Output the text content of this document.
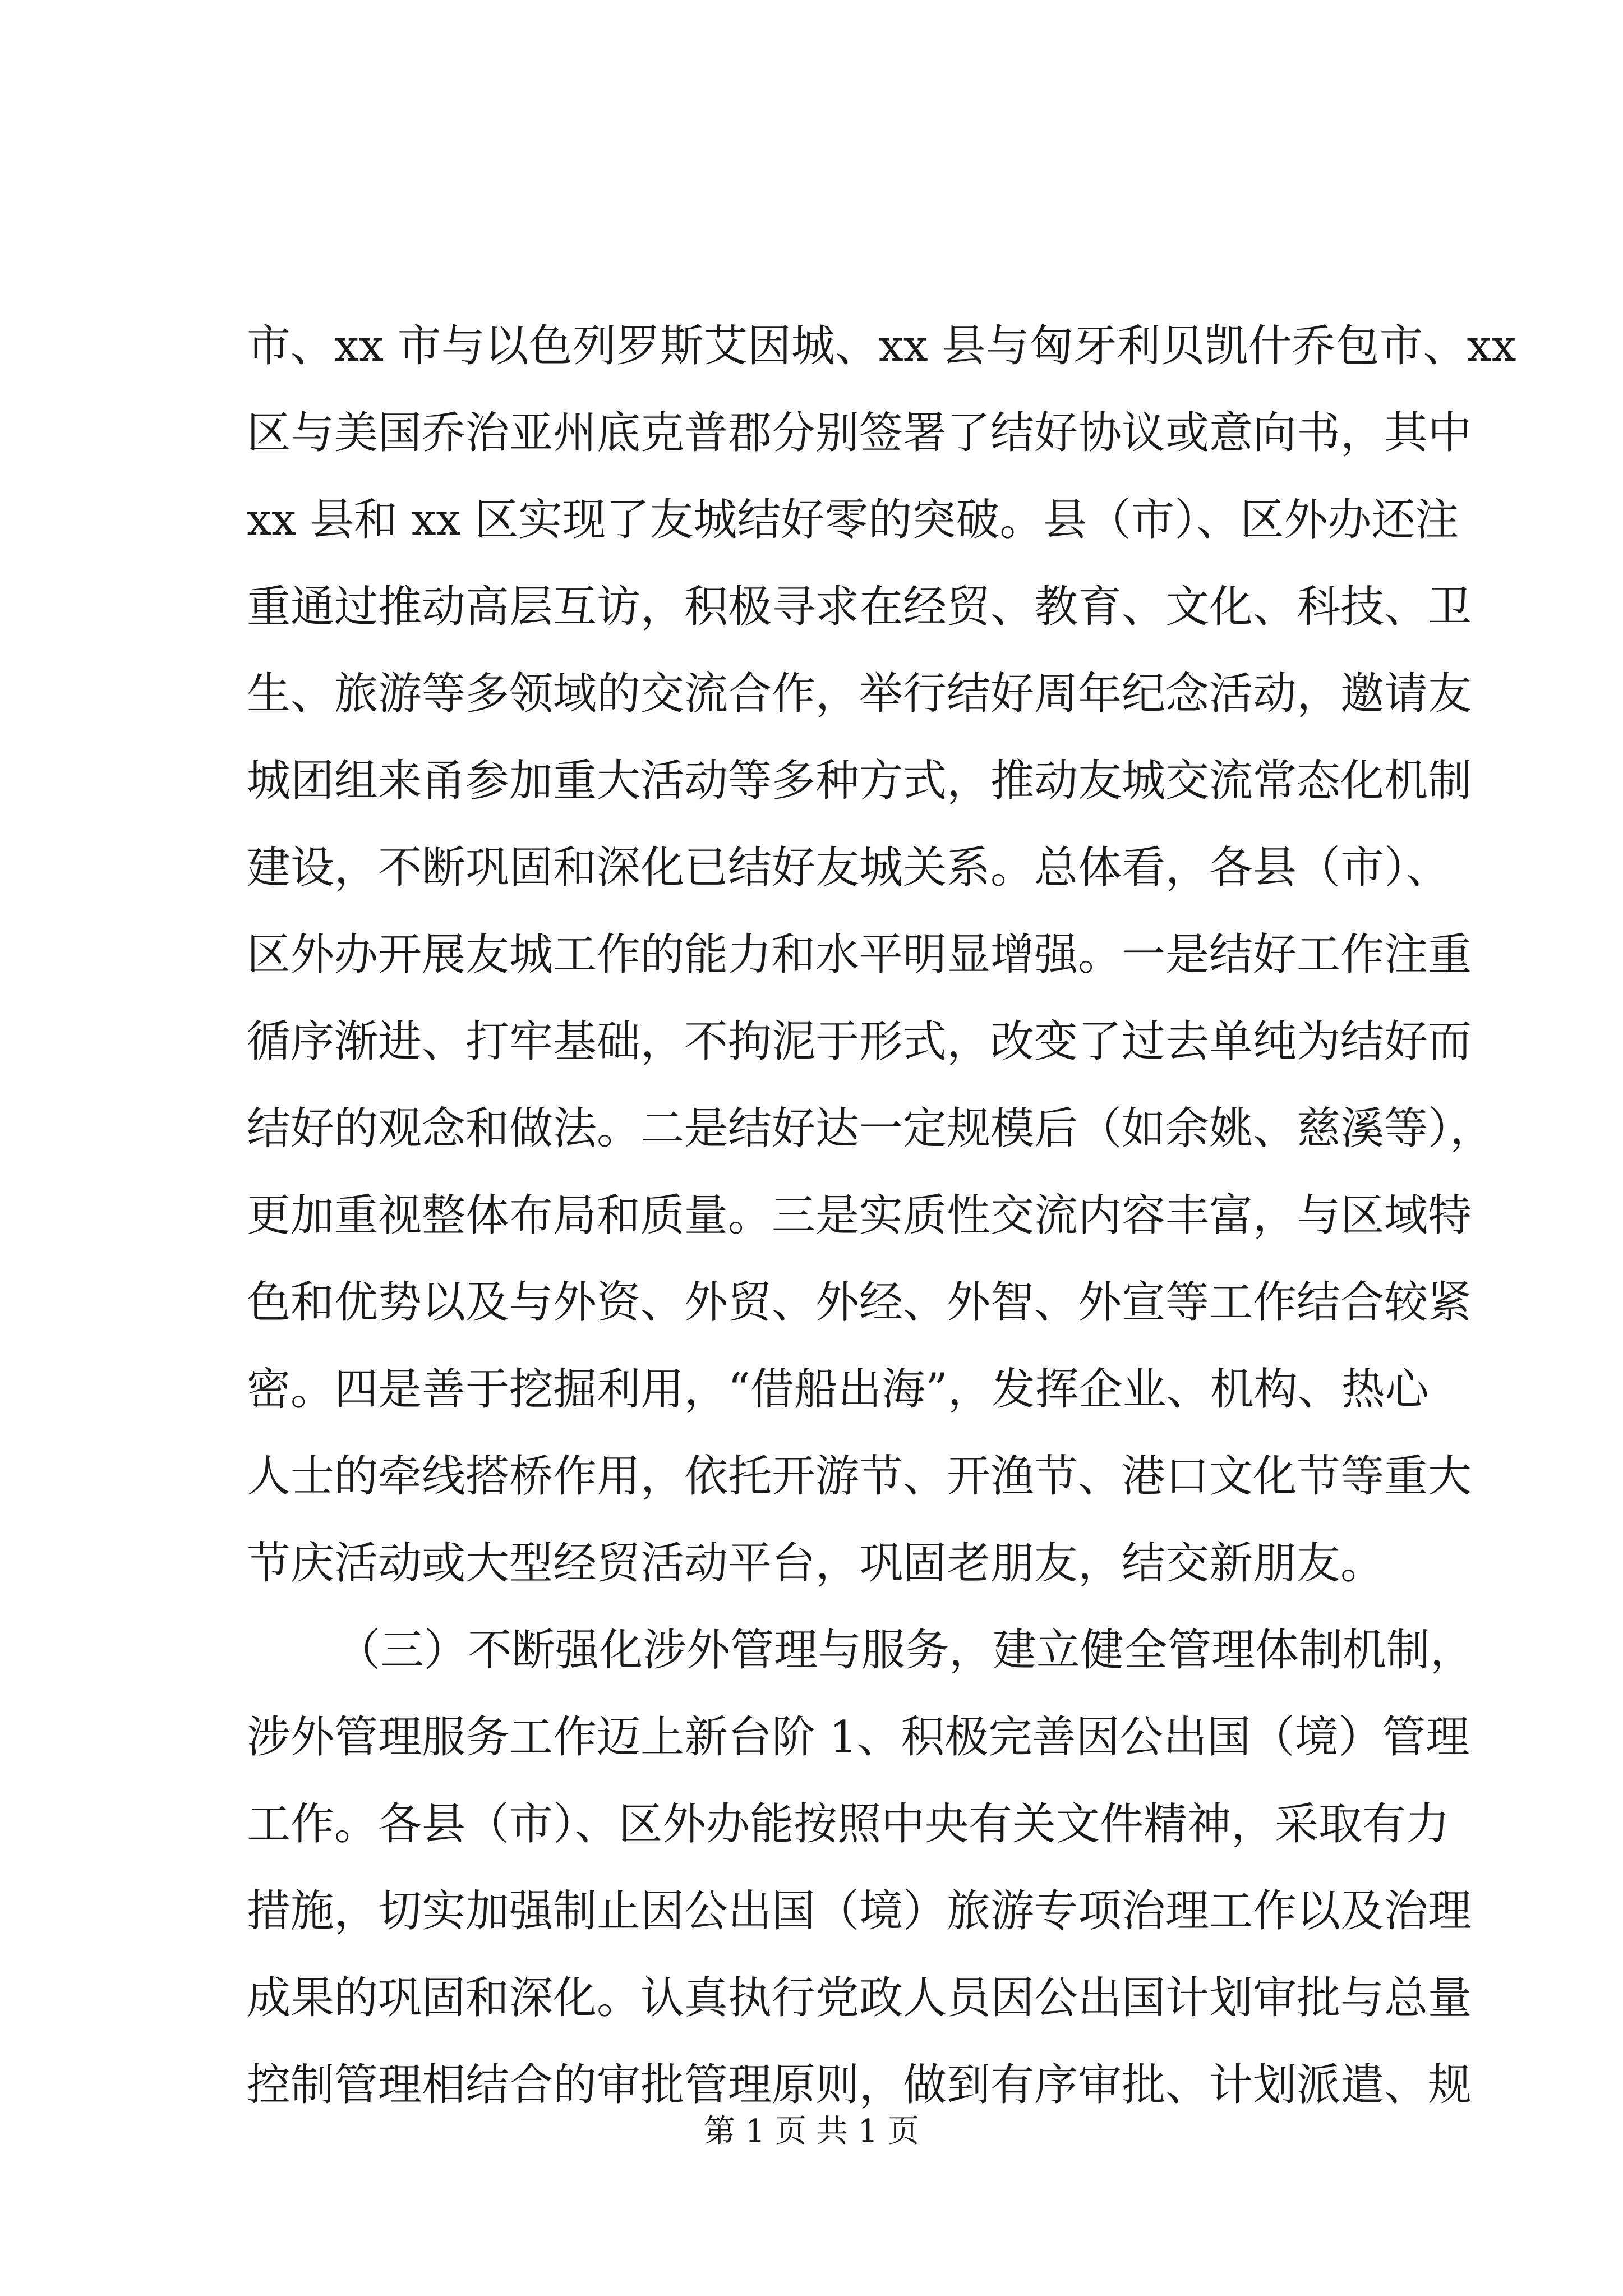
市、xx 市与以色列罗斯艾因城、xx 县与匈牙利贝凯什乔包市、xx
区与美国乔治亚州底克普郡分别签署了结好协议或意向书，其中
xx 县和 xx 区实现了友城结好零的突破。县（市）、区外办还注
重通过推动高层互访，积极寻求在经贸、教育、文化、科技、卫
生、旅游等多领域的交流合作，举行结好周年纪念活动，邀请友
城团组来甬参加重大活动等多种方式，推动友城交流常态化机制
建设，不断巩固和深化已结好友城关系。总体看，各县（市）、
区外办开展友城工作的能力和水平明显增强。一是结好工作注重
循序渐进、打牢基础，不拘泥于形式，改变了过去单纯为结好而
结好的观念和做法。二是结好达一定规模后（如余姚、慈溪等），
更加重视整体布局和质量。三是实质性交流内容丰富，与区域特
色和优势以及与外资、外贸、外经、外智、外宣等工作结合较紧
密。四是善于挖掘利用，“借船出海”，发挥企业、机构、热心
人士的牵线搭桥作用，依托开游节、开渔节、港口文化节等重大
节庆活动或大型经贸活动平台，巩固老朋友，结交新朋友。
（三）不断强化涉外管理与服务，建立健全管理体制机制，
涉外管理服务工作迈上新台阶 1、积极完善因公出国（境）管理
工作。各县（市）、区外办能按照中央有关文件精神，采取有力
措施，切实加强制止因公出国（境）旅游专项治理工作以及治理
成果的巩固和深化。认真执行党政人员因公出国计划审批与总量
控制管理相结合的审批管理原则，做到有序审批、计划派遣、规
第 1 页 共 1 页
